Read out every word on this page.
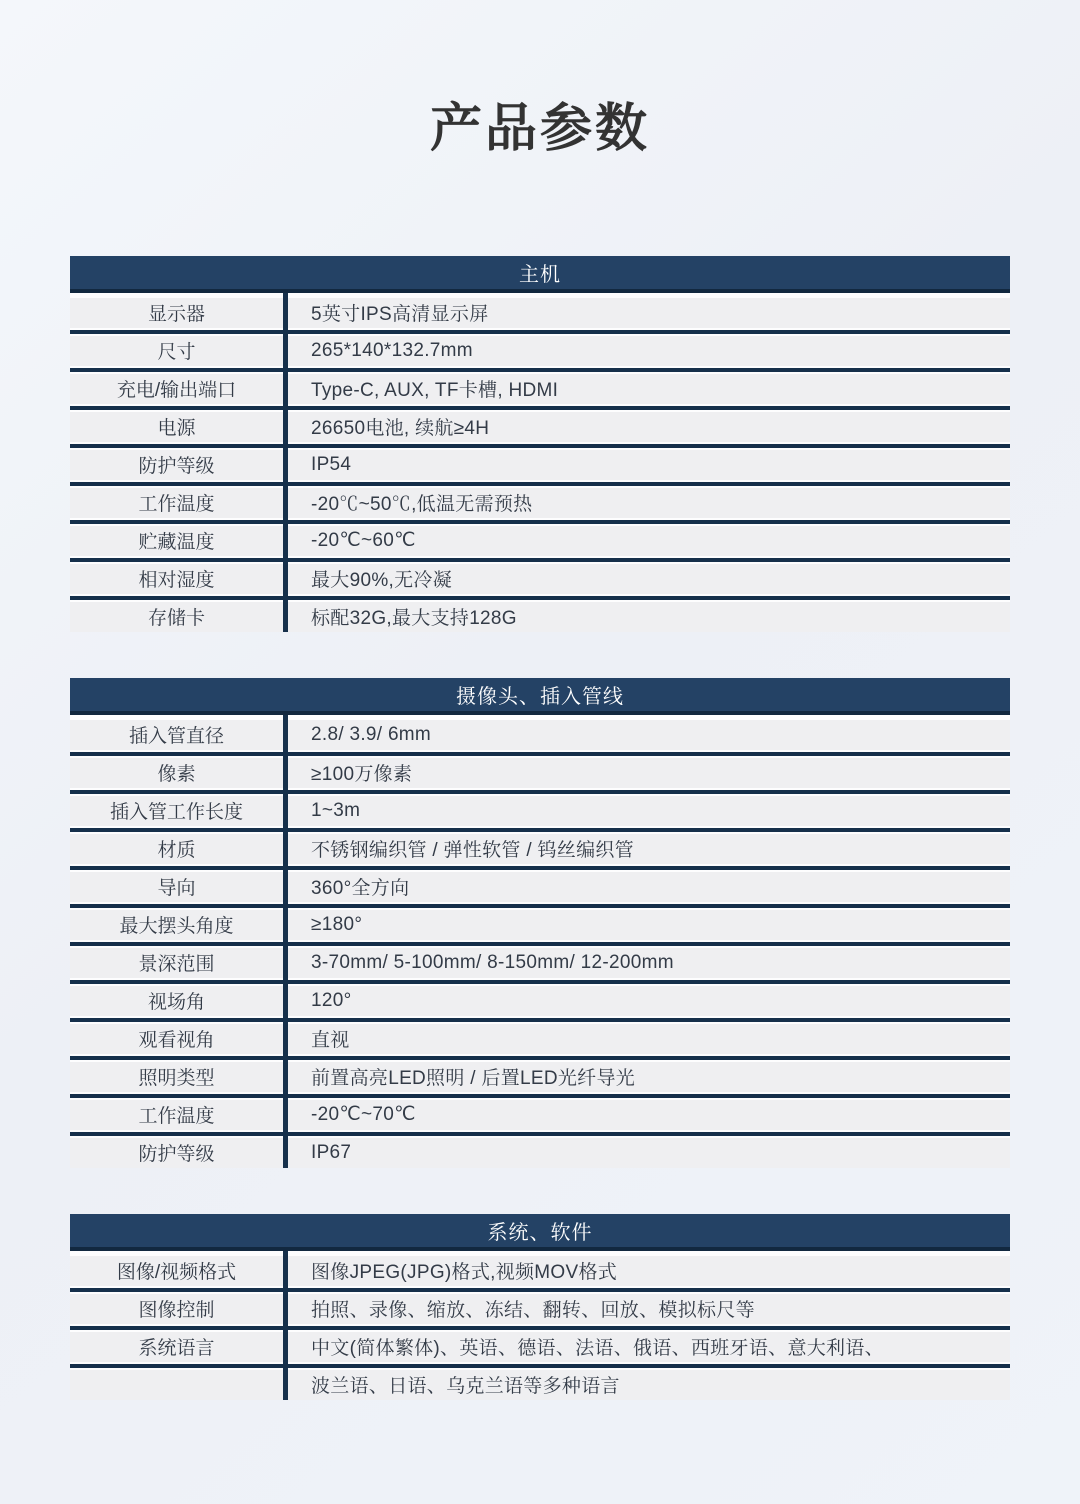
产品参数
主机
显示器	5英寸IPS高清显示屏
尺寸	265*140*132.7mm
充电/输出端口	Type-C, AUX, TF卡槽, HDMI
电源	26650电池, 续航≥4H
防护等级	IP54
工作温度	-20℃~50℃,低温无需预热
贮藏温度	-20℃~60℃
相对湿度	最大90%,无冷凝
存储卡	标配32G,最大支持128G
摄像头、插入管线
插入管直径	2.8/ 3.9/ 6mm
像素	≥100万像素
插入管工作长度	1~3m
材质	不锈钢编织管 / 弹性软管 / 钨丝编织管
导向	360°全方向
最大摆头角度	≥180°
景深范围	3-70mm/ 5-100mm/ 8-150mm/ 12-200mm
视场角	120°
观看视角	直视
照明类型	前置高亮LED照明 / 后置LED光纤导光
工作温度	-20℃~70℃
防护等级	IP67
系统、软件
图像/视频格式	图像JPEG(JPG)格式,视频MOV格式
图像控制	拍照、录像、缩放、冻结、翻转、回放、模拟标尺等
系统语言	中文(简体繁体)、英语、德语、法语、俄语、西班牙语、意大利语、
波兰语、日语、乌克兰语等多种语言
